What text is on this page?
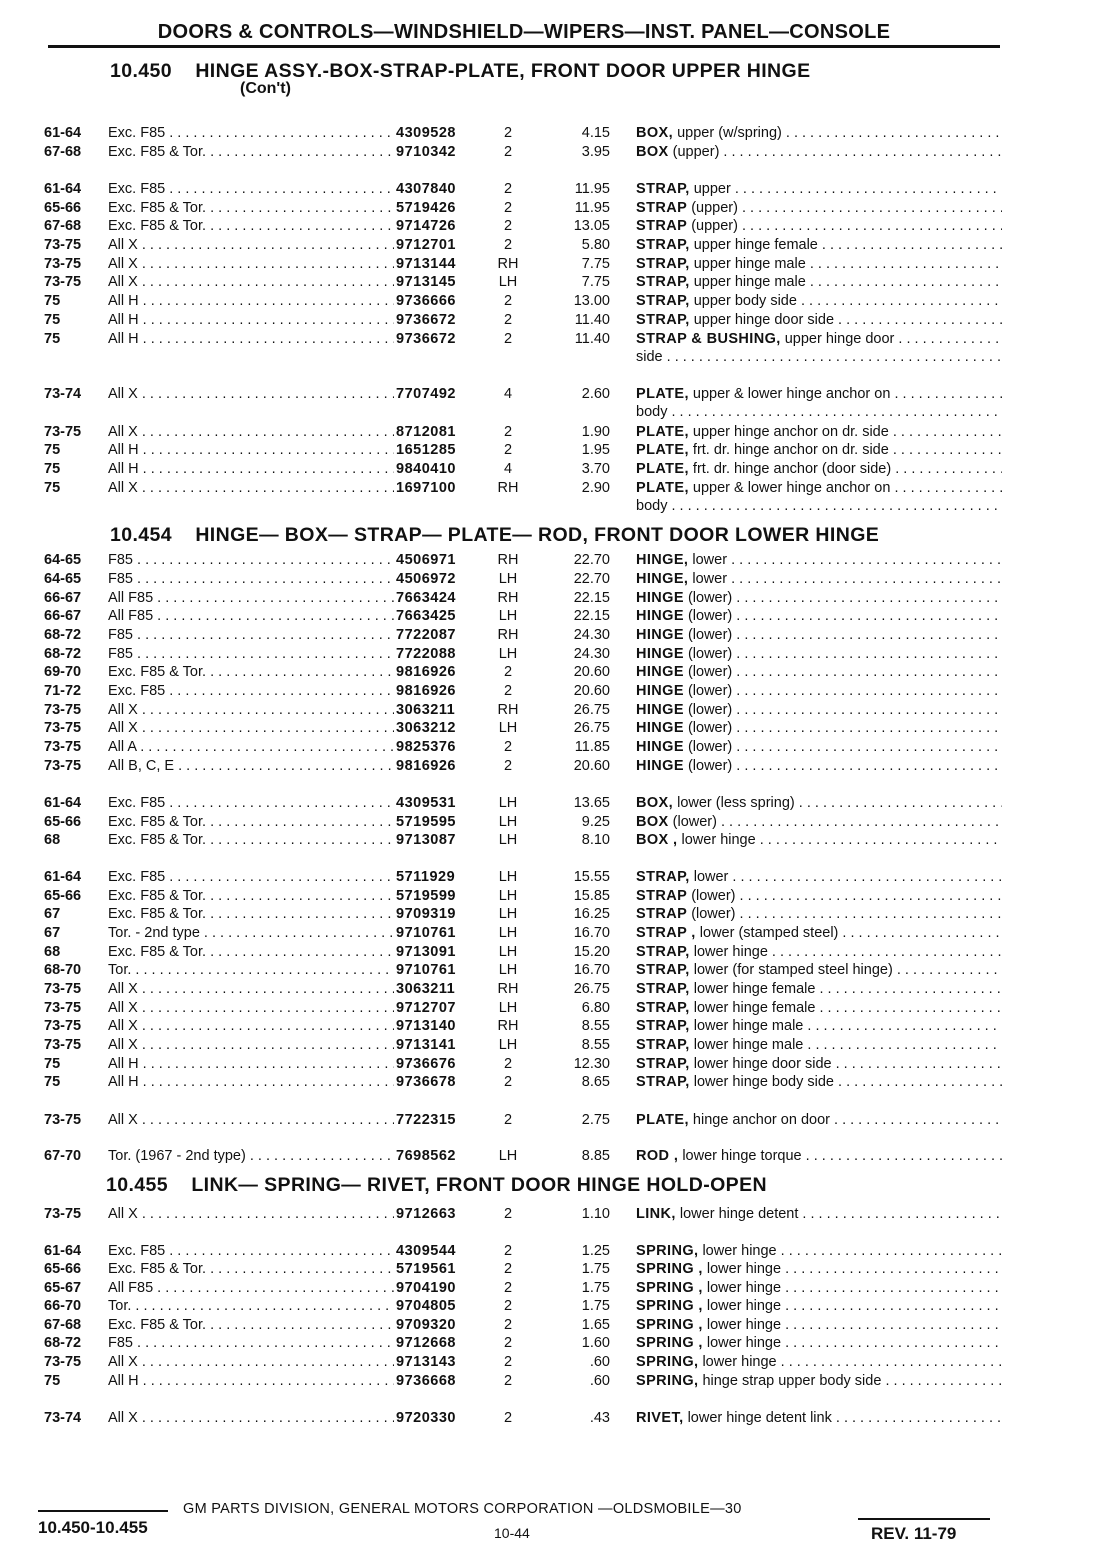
DOORS & CONTROLS—WINDSHIELD—WIPERS—INST. PANEL—CONSOLE
10.450 HINGE ASSY.-BOX-STRAP-PLATE, FRONT DOOR UPPER HINGE
(Con't)
10.454 HINGE— BOX— STRAP— PLATE— ROD, FRONT DOOR LOWER HINGE
10.455 LINK— SPRING— RIVET, FRONT DOOR HINGE HOLD-OPEN
61-64 Exc. F85 . . .	4309528	2	4.15 BOX, upper (w/spring) . . .
67-68 Exc. F85 & Tor. . . .	9710342	2	3.95 BOX (upper) . . .
61-64 Exc. F85 . . .	4307840	2	11.95 STRAP, upper . . .
65-66 Exc. F85 & Tor. . . .	5719426	2	11.95 STRAP (upper) . . .
67-68 Exc. F85 & Tor. . . .	9714726	2	13.05 STRAP (upper) . . .
73-75 All X . . .	9712701	2	5.80 STRAP, upper hinge female . . .
73-75 All X . . .	9713144	RH	7.75 STRAP, upper hinge male . . .
73-75 All X . . .	9713145	LH	7.75 STRAP, upper hinge male . . .
75	All H . . .	9736666	2	13.00 STRAP, upper body side . . .
75	All H . . .	9736672	2	11.40 STRAP, upper hinge door side . . .
75	All H . . .	9736672	2	11.40 STRAP & BUSHING, upper hinge door . . .
side . . .
73-74 All X . . .	7707492	4	2.60 PLATE, upper & lower hinge anchor on . . .
body . . .
73-75 All X . . .	8712081	2	1.90 PLATE, upper hinge anchor on dr. side . . .
75	All H . . .	1651285	2	1.95 PLATE, frt. dr. hinge anchor on dr. side . . .
75	All H . . .	9840410	4	3.70 PLATE, frt. dr. hinge anchor (door side) . . .
75	All X . . .	1697100	RH	2.90 PLATE, upper & lower hinge anchor on . . .
body . . .
64-65 F85 . . .	4506971	RH	22.70 HINGE, lower . . .
64-65 F85 . . .	4506972	LH	22.70 HINGE, lower . . .
66-67 All F85 . . .	7663424	RH	22.15 HINGE (lower) . . .
66-67 All F85 . . .	7663425	LH	22.15 HINGE (lower) . . .
68-72 F85 . . .	7722087	RH	24.30 HINGE (lower) . . .
68-72 F85 . . .	7722088	LH	24.30 HINGE (lower) . . .
69-70 Exc. F85 & Tor. . . .	9816926	2	20.60 HINGE (lower) . . .
71-72 Exc. F85 . . .	9816926	2	20.60 HINGE (lower) . . .
73-75 All X . . .	3063211	RH	26.75 HINGE (lower) . . .
73-75 All X . . .	3063212	LH	26.75 HINGE (lower) . . .
73-75 All A . . .	9825376	2	11.85 HINGE (lower) . . .
73-75 All B, C, E . . .	9816926	2	20.60 HINGE (lower) . . .
61-64 Exc. F85 . . .	4309531	LH	13.65 BOX, lower (less spring) . . .
65-66 Exc. F85 & Tor. . . .	5719595	LH	9.25 BOX (lower) . . .
68	Exc. F85 & Tor. . . .	9713087	LH	8.10 BOX , lower hinge . . .
61-64 Exc. F85 . . .	5711929	LH	15.55 STRAP, lower . . .
65-66 Exc. F85 & Tor. . . .	5719599	LH	15.85 STRAP (lower) . . .
67	Exc. F85 & Tor. . . .	9709319	LH	16.25 STRAP (lower) . . .
67	Tor. - 2nd type . . .	9710761	LH	16.70 STRAP , lower (stamped steel) . . .
68	Exc. F85 & Tor. . . .	9713091	LH	15.20 STRAP, lower hinge . . .
68-70 Tor. . . .	9710761	LH	16.70 STRAP, lower (for stamped steel hinge) . . .
73-75 All X . . .	3063211	RH	26.75 STRAP, lower hinge female . . .
73-75 All X . . .	9712707	LH	6.80 STRAP, lower hinge female . . .
73-75 All X . . .	9713140	RH	8.55 STRAP, lower hinge male . . .
73-75 All X . . .	9713141	LH	8.55 STRAP, lower hinge male . . .
75	All H . . .	9736676	2	12.30 STRAP, lower hinge door side . . .
75	All H . . .	9736678	2	8.65 STRAP, lower hinge body side . . .
73-75 All X . . .	7722315	2	2.75 PLATE, hinge anchor on door . . .
67-70 Tor. (1967 - 2nd type) . . .	7698562	LH	8.85 ROD , lower hinge torque . . .
73-75 All X . . .	9712663	2	1.10 LINK, lower hinge detent . . .
61-64 Exc. F85 . . .	4309544	2	1.25 SPRING, lower hinge . . .
65-66 Exc. F85 & Tor. . . .	5719561	2	1.75 SPRING , lower hinge . . .
65-67 All F85 . . .	9704190	2	1.75 SPRING , lower hinge . . .
66-70 Tor. . . .	9704805	2	1.75 SPRING , lower hinge . . .
67-68 Exc. F85 & Tor. . . .	9709320	2	1.65 SPRING , lower hinge . . .
68-72 F85 . . .	9712668	2	1.60 SPRING , lower hinge . . .
73-75 All X . . .	9713143	2	.60 SPRING, lower hinge . . .
75	All H . . .	9736668	2	.60 SPRING, hinge strap upper body side . . .
73-74 All X . . .	9720330	2	.43 RIVET, lower hinge detent link . . .
GM PARTS DIVISION, GENERAL MOTORS CORPORATION —OLDSMOBILE—30
10.450-10.455	10-44	REV. 11-79
